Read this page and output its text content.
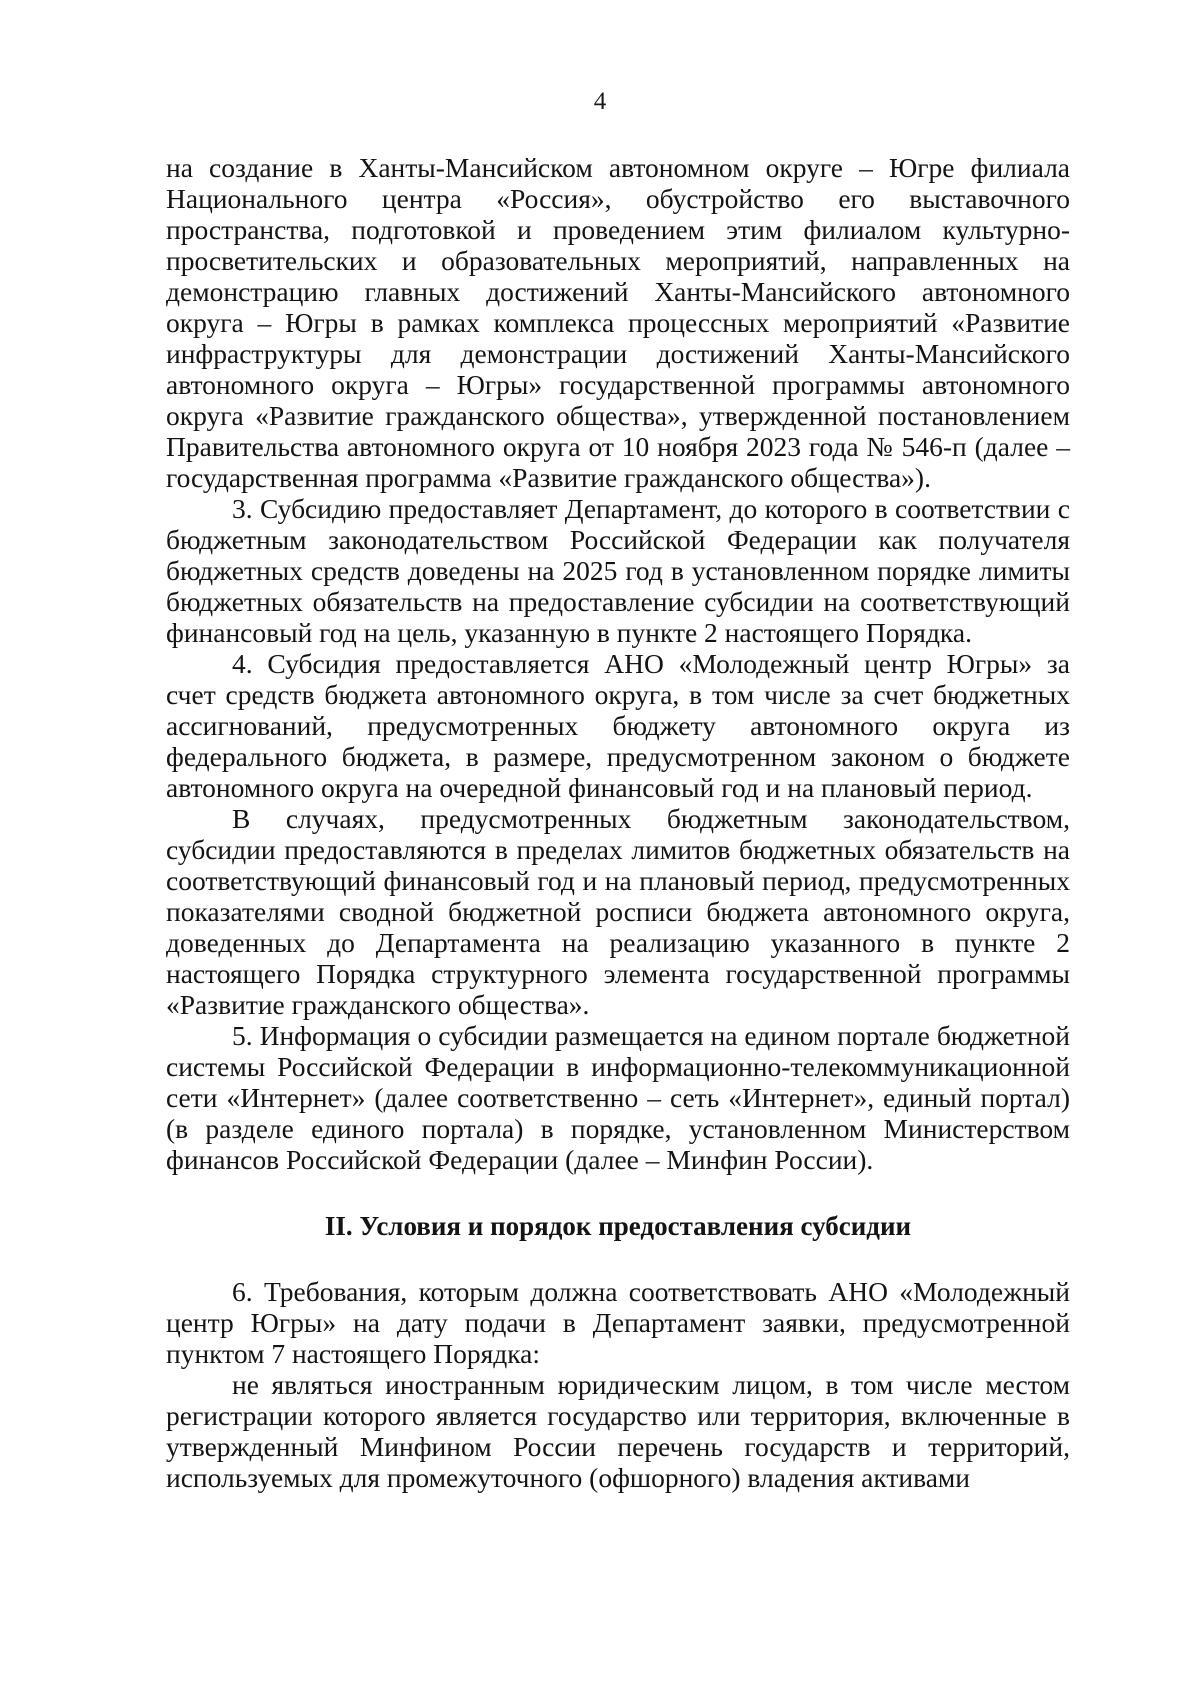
4

на создание в Ханты-Мансийском автономном округе – Югре филиала Национального центра «Россия», обустройство его выставочного пространства, подготовкой и проведением этим филиалом культурно-просветительских и образовательных мероприятий, направленных на демонстрацию главных достижений Ханты-Мансийского автономного округа – Югры в рамках комплекса процессных мероприятий «Развитие инфраструктуры для демонстрации достижений Ханты-Мансийского автономного округа – Югры» государственной программы автономного округа «Развитие гражданского общества», утвержденной постановлением Правительства автономного округа от 10 ноября 2023 года № 546-п (далее – государственная программа «Развитие гражданского общества»).

3. Субсидию предоставляет Департамент, до которого в соответствии с бюджетным законодательством Российской Федерации как получателя бюджетных средств доведены на 2025 год в установленном порядке лимиты бюджетных обязательств на предоставление субсидии на соответствующий финансовый год на цель, указанную в пункте 2 настоящего Порядка.

4. Субсидия предоставляется АНО «Молодежный центр Югры» за счет средств бюджета автономного округа, в том числе за счет бюджетных ассигнований, предусмотренных бюджету автономного округа из федерального бюджета, в размере, предусмотренном законом о бюджете автономного округа на очередной финансовый год и на плановый период.

В случаях, предусмотренных бюджетным законодательством, субсидии предоставляются в пределах лимитов бюджетных обязательств на соответствующий финансовый год и на плановый период, предусмотренных показателями сводной бюджетной росписи бюджета автономного округа, доведенных до Департамента на реализацию указанного в пункте 2 настоящего Порядка структурного элемента государственной программы «Развитие гражданского общества».

5. Информация о субсидии размещается на едином портале бюджетной системы Российской Федерации в информационно-телекоммуникационной сети «Интернет» (далее соответственно – сеть «Интернет», единый портал) (в разделе единого портала) в порядке, установленном Министерством финансов Российской Федерации (далее – Минфин России).

II. Условия и порядок предоставления субсидии

6. Требования, которым должна соответствовать АНО «Молодежный центр Югры» на дату подачи в Департамент заявки, предусмотренной пунктом 7 настоящего Порядка:

не являться иностранным юридическим лицом, в том числе местом регистрации которого является государство или территория, включенные в утвержденный Минфином России перечень государств и территорий, используемых для промежуточного (офшорного) владения активами
